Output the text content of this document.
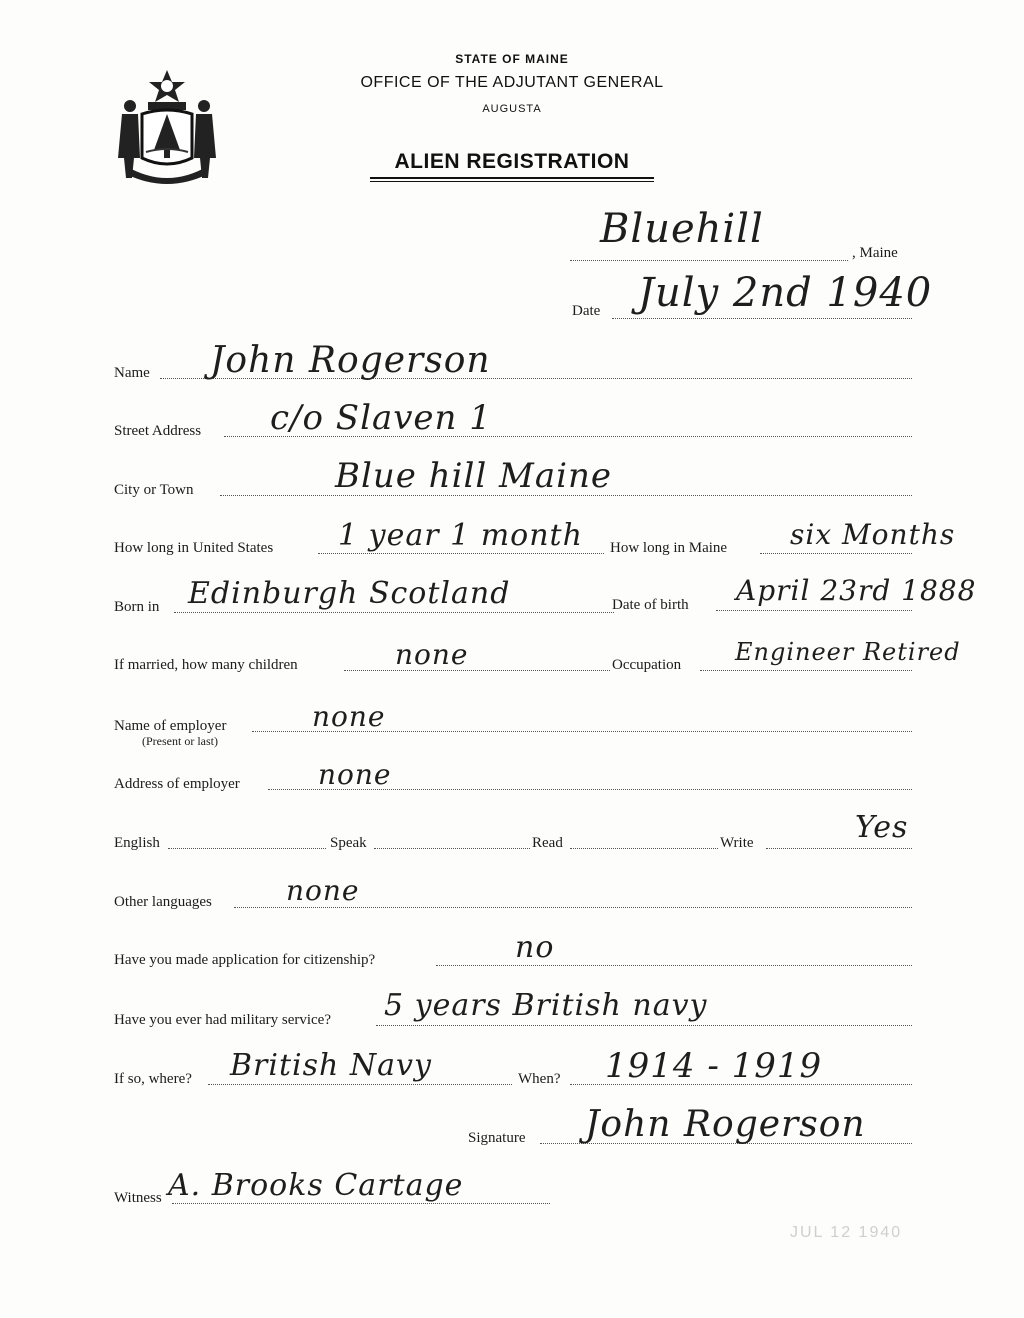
MAINE
STATE OF MAINE
OFFICE OF THE ADJUTANT GENERAL
AUGUSTA
ALIEN REGISTRATION
Bluehill
, Maine
Date July 2nd 1940
Name John Rogerson
Street Address c/o Slaven 1
City or Town	Blue hill Maine
How long in United States 1 year 1 month How long in Maine six Months
Born in Edinburgh Scotland	Date of birth April 23rd 1888
If married, how many children	none	Occupation Engineer Retired
Name of employer
(Present or last)
none
Address of employer	none
English	Speak	Read	Write	Yes
Other languages	none
Have you made application for citizenship?	no
Have you ever had military service? 5 years British navy
If so, where? British Navy	When? 1914 - 1919
Signature John Rogerson
Witness A. Brooks Cartage
JUL 12 1940
